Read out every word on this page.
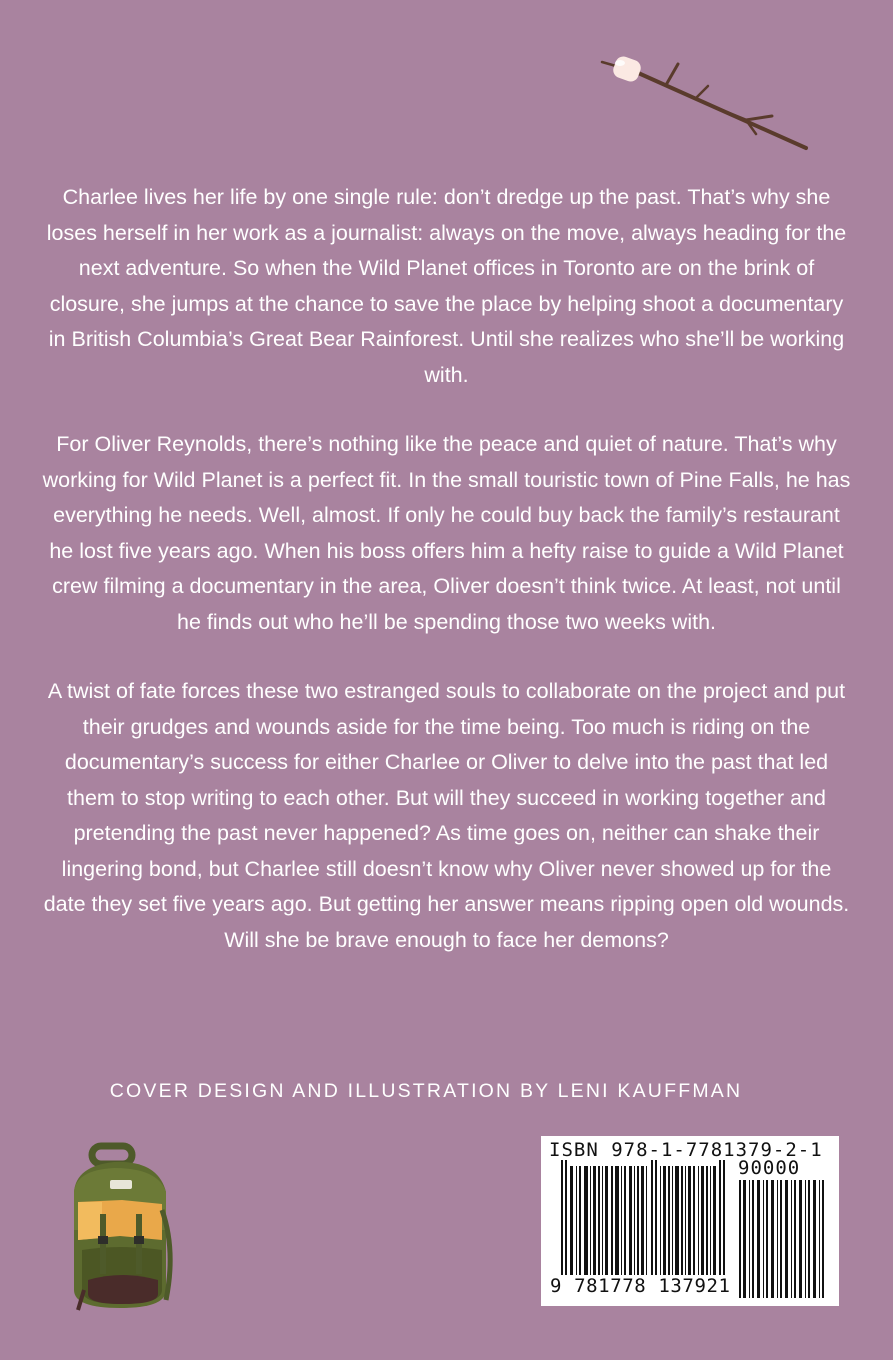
Charlee lives her life by one single rule: don’t dredge up the past. That’s why she loses herself in her work as a journalist: always on the move, always heading for the next adventure. So when the Wild Planet offices in Toronto are on the brink of closure, she jumps at the chance to save the place by helping shoot a documentary in British Columbia’s Great Bear Rainforest. Until she realizes who she’ll be working with.

For Oliver Reynolds, there’s nothing like the peace and quiet of nature. That’s why working for Wild Planet is a perfect fit. In the small touristic town of Pine Falls, he has everything he needs. Well, almost. If only he could buy back the family’s restaurant he lost five years ago. When his boss offers him a hefty raise to guide a Wild Planet crew filming a documentary in the area, Oliver doesn’t think twice. At least, not until he finds out who he’ll be spending those two weeks with.

A twist of fate forces these two estranged souls to collaborate on the project and put their grudges and wounds aside for the time being. Too much is riding on the documentary’s success for either Charlee or Oliver to delve into the past that led them to stop writing to each other. But will they succeed in working together and pretending the past never happened? As time goes on, neither can shake their lingering bond, but Charlee still doesn’t know why Oliver never showed up for the date they set five years ago. But getting her answer means ripping open old wounds. Will she be brave enough to face her demons?

COVER DESIGN AND ILLUSTRATION BY LENI KAUFFMAN
ISBN 978-1-7781379-2-1
90000
9 781778 137921
